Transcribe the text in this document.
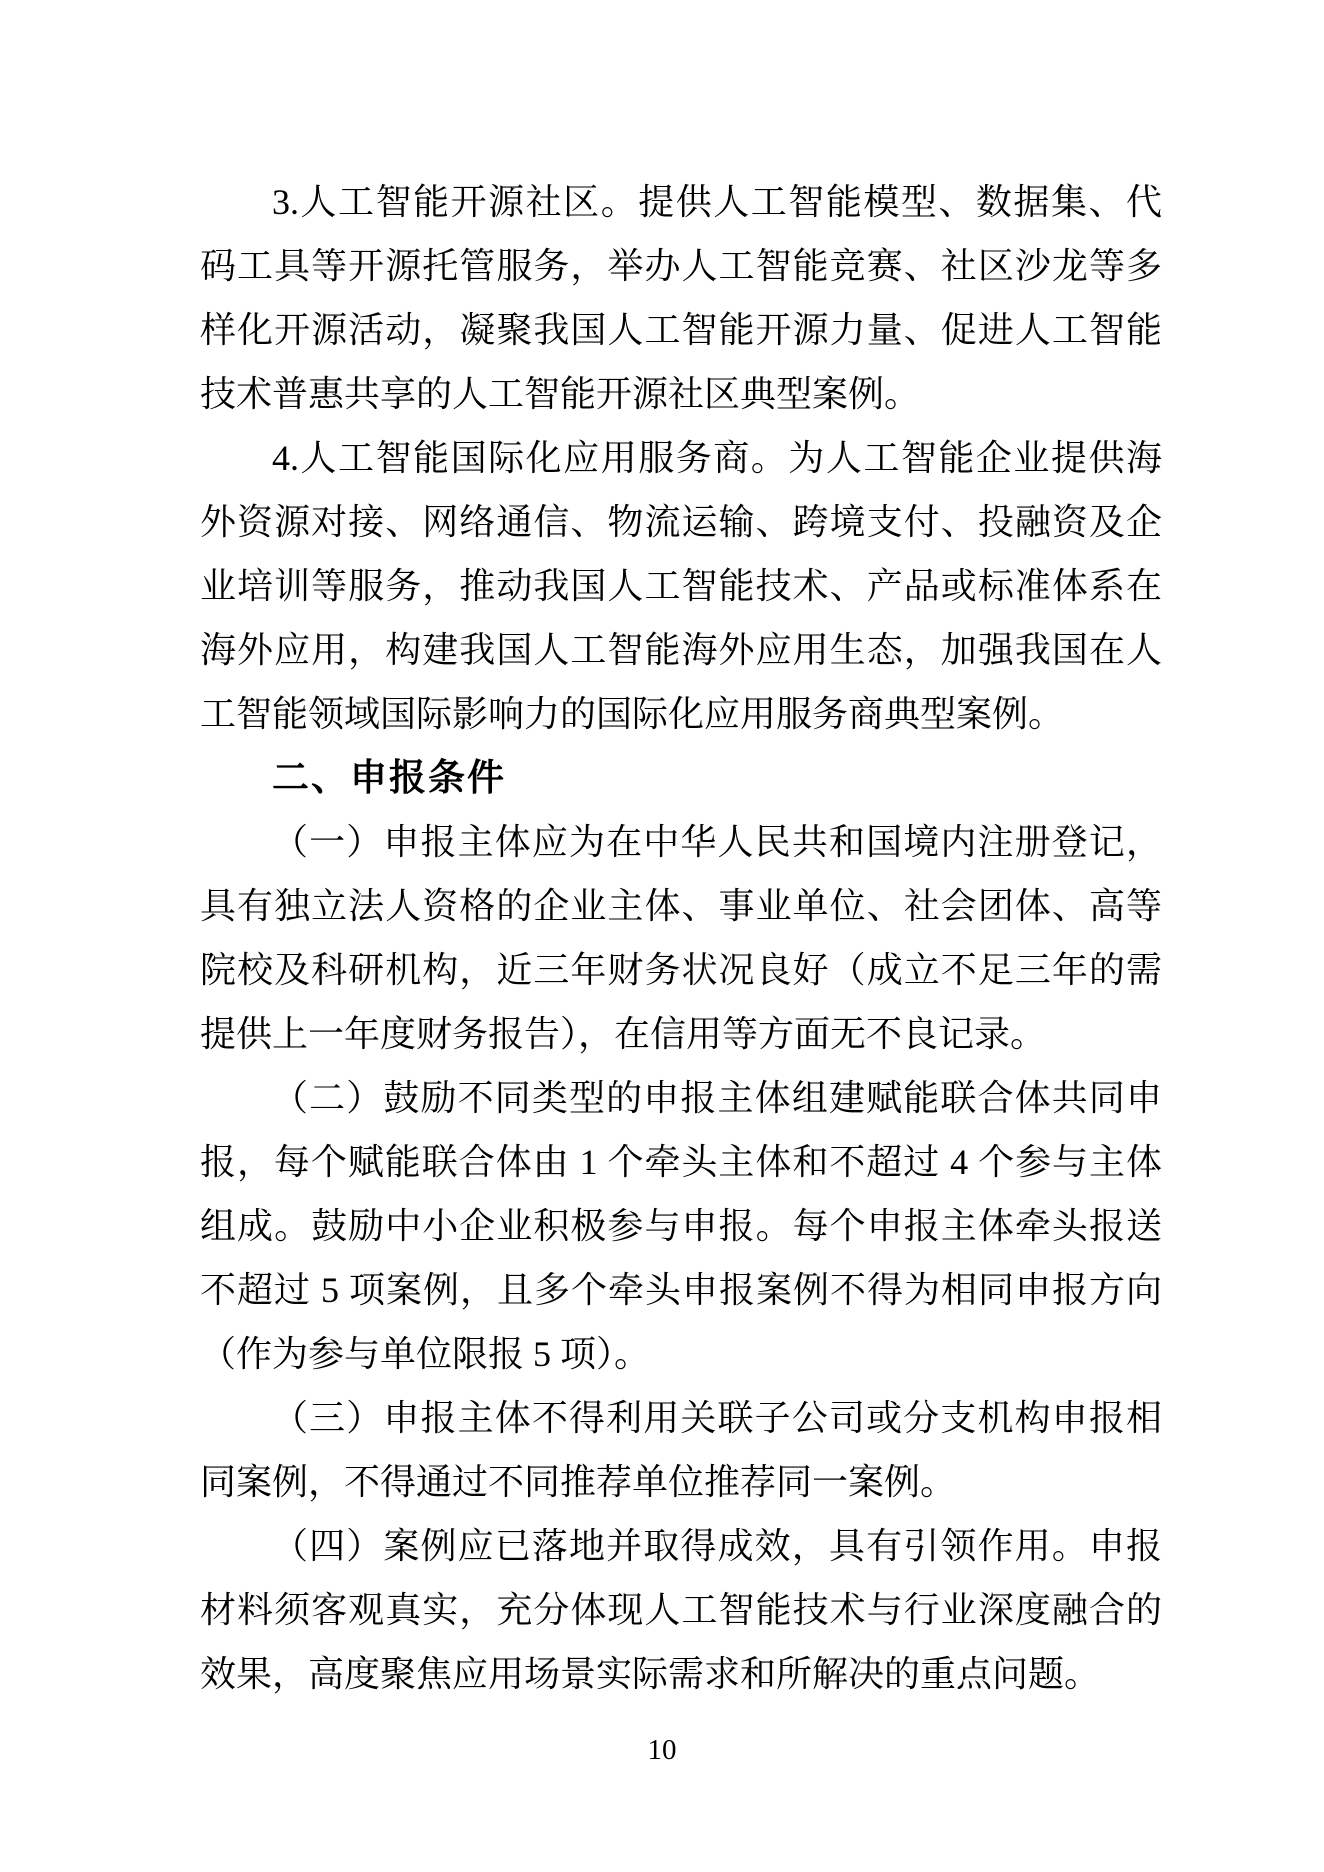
3.人工智能开源社区。提供人工智能模型、数据集、代
码工具等开源托管服务，举办人工智能竞赛、社区沙龙等多
样化开源活动，凝聚我国人工智能开源力量、促进人工智能
技术普惠共享的人工智能开源社区典型案例。
4.人工智能国际化应用服务商。为人工智能企业提供海
外资源对接、网络通信、物流运输、跨境支付、投融资及企
业培训等服务，推动我国人工智能技术、产品或标准体系在
海外应用，构建我国人工智能海外应用生态，加强我国在人
工智能领域国际影响力的国际化应用服务商典型案例。
二、申报条件
（一）申报主体应为在中华人民共和国境内注册登记，
具有独立法人资格的企业主体、事业单位、社会团体、高等
院校及科研机构，近三年财务状况良好（成立不足三年的需
提供上一年度财务报告），在信用等方面无不良记录。
（二）鼓励不同类型的申报主体组建赋能联合体共同申
报，每个赋能联合体由 1 个牵头主体和不超过 4 个参与主体
组成。鼓励中小企业积极参与申报。每个申报主体牵头报送
不超过 5 项案例，且多个牵头申报案例不得为相同申报方向
（作为参与单位限报 5 项）。
（三）申报主体不得利用关联子公司或分支机构申报相
同案例，不得通过不同推荐单位推荐同一案例。
（四）案例应已落地并取得成效，具有引领作用。申报
材料须客观真实，充分体现人工智能技术与行业深度融合的
效果，高度聚焦应用场景实际需求和所解决的重点问题。
10
